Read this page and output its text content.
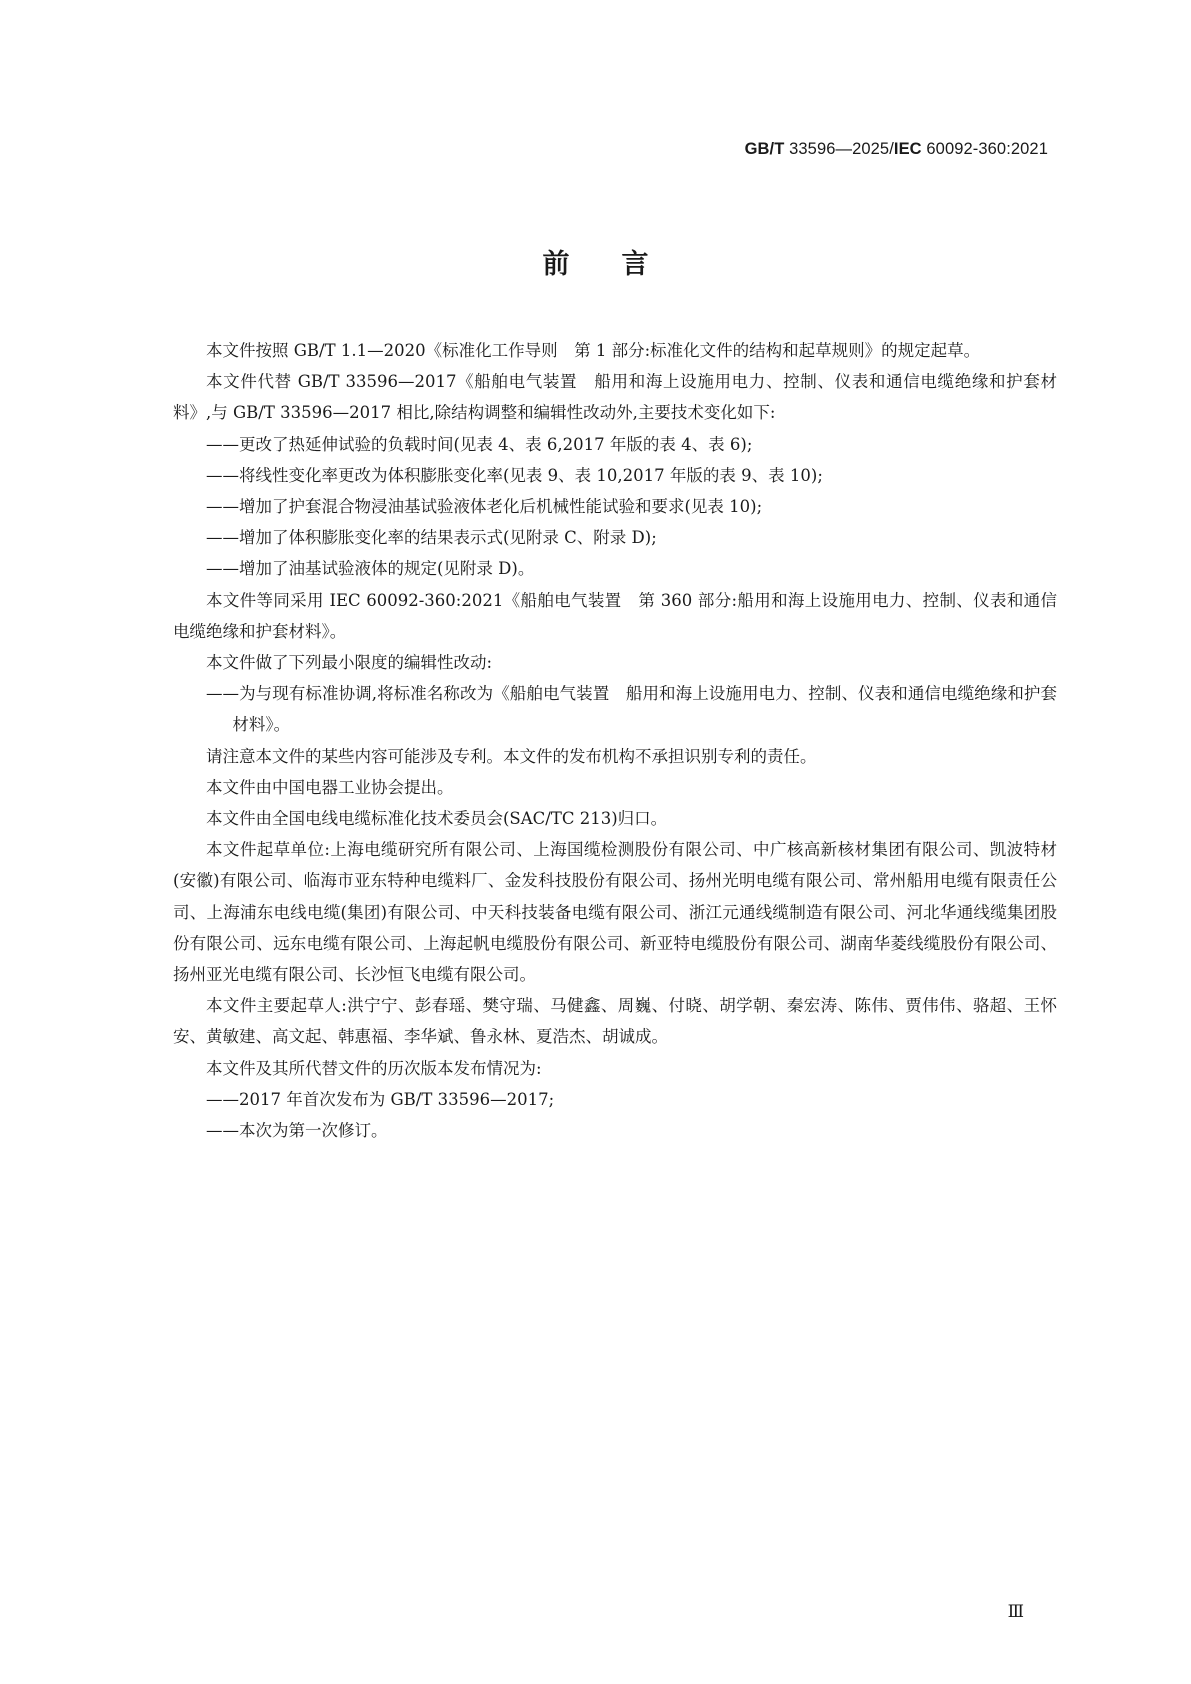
GB/T 33596—2025/IEC 60092-360:2021
前言

本文件按照 GB/T 1.1—2020《标准化工作导则　第 1 部分:标准化文件的结构和起草规则》的规定起草。

本文件代替 GB/T 33596—2017《船舶电气装置　船用和海上设施用电力、控制、仪表和通信电缆绝缘和护套材料》,与 GB/T 33596—2017 相比,除结构调整和编辑性改动外,主要技术变化如下:

——更改了热延伸试验的负载时间(见表 4、表 6,2017 年版的表 4、表 6);

——将线性变化率更改为体积膨胀变化率(见表 9、表 10,2017 年版的表 9、表 10);

——增加了护套混合物浸油基试验液体老化后机械性能试验和要求(见表 10);

——增加了体积膨胀变化率的结果表示式(见附录 C、附录 D);

——增加了油基试验液体的规定(见附录 D)。

本文件等同采用 IEC 60092-360:2021《船舶电气装置　第 360 部分:船用和海上设施用电力、控制、仪表和通信电缆绝缘和护套材料》。

本文件做了下列最小限度的编辑性改动:

——为与现有标准协调,将标准名称改为《船舶电气装置　船用和海上设施用电力、控制、仪表和通信电缆绝缘和护套材料》。

请注意本文件的某些内容可能涉及专利。本文件的发布机构不承担识别专利的责任。

本文件由中国电器工业协会提出。

本文件由全国电线电缆标准化技术委员会(SAC/TC 213)归口。

本文件起草单位:上海电缆研究所有限公司、上海国缆检测股份有限公司、中广核高新核材集团有限公司、凯波特材(安徽)有限公司、临海市亚东特种电缆料厂、金发科技股份有限公司、扬州光明电缆有限公司、常州船用电缆有限责任公司、上海浦东电线电缆(集团)有限公司、中天科技装备电缆有限公司、浙江元通线缆制造有限公司、河北华通线缆集团股份有限公司、远东电缆有限公司、上海起帆电缆股份有限公司、新亚特电缆股份有限公司、湖南华菱线缆股份有限公司、扬州亚光电缆有限公司、长沙恒飞电缆有限公司。

本文件主要起草人:洪宁宁、彭春瑶、樊守瑞、马健鑫、周巍、付晓、胡学朝、秦宏涛、陈伟、贾伟伟、骆超、王怀安、黄敏建、高文起、韩惠福、李华斌、鲁永林、夏浩杰、胡诚成。

本文件及其所代替文件的历次版本发布情况为:

——2017 年首次发布为 GB/T 33596—2017;

——本次为第一次修订。

Ⅲ
